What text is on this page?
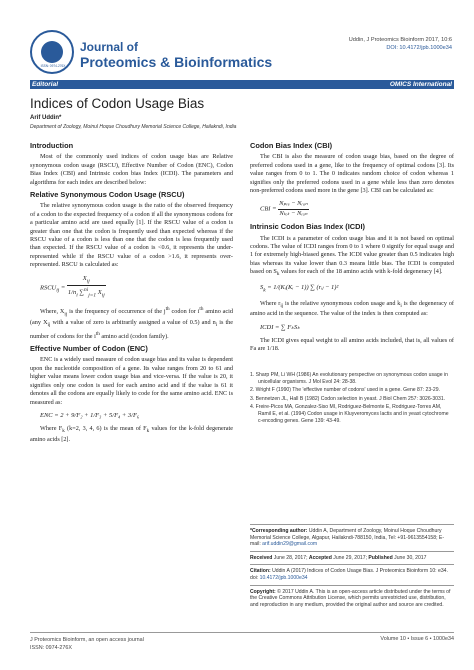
ISSN: 0974-276X
Journal of
Proteomics & Bioinformatics
Uddin, J Proteomics Bioinform 2017, 10:6
DOI: 10.4172/jpb.1000e34
Editorial	OMICS International
Indices of Codon Usage Bias
Arif Uddin*
Department of Zoology, Moinul Hoque Choudhury Memorial Science College, Hailakndi, India
Introduction

Most of the commonly used indices of codon usage bias are Relative synonymous codon usage (RSCU), Effective Number of Codon (ENC), Codon Bias Index (CBI) and Intrinsic codon bias Index (ICDI). The parameters and algorithms for each index are described below:

Relative Synonymous Codon Usage (RSCU)

The relative synonymous codon usage is the ratio of the observed frequency of a codon to the expected frequency of a codon if all the synonymous codons for a particular amino acid are used equally [1]. If the RSCU value of a codon is greater than one that the codon is frequently used than expected whereas if the RSCU value of a codon is less than one that the codon is less frequently used than expected. If the RSCU value of a codon is <0.6, it represents the under-represented while if the RSCU value of a codon >1.6, it represents over-represented. RSCU is calculated as:

$RSCU_{ij} = \frac{X_{ij}}{1/n_i \sum^{ni}_{j=1} X_{ij}}$

Where, $X_{ij}$ is the frequency of occurrence of the $j^{th}$ codon for $i^{th}$ amino acid (any $X_{ij}$ with a value of zero is arbitrarily assigned a value of 0.5) and $n_i$ is the number of codons for the $i^{th}$ amino acid (codon family).

Effective Number of Codon (ENC)

ENC is a widely used measure of codon usage bias and its value is dependent upon the nucleotide composition of a gene. Its value ranges from 20 to 61 and higher value means lower codon usage bias and vice-versa. If the value is 20, it signifies only one codon is used for each amino acid and if the value is 61 it denotes all the codons are equally likely to code for the same amino acid. ENC is measured as:

ENC = 2 + 9/F₂ + 1/F₃ + 5/F₄ + 3/F₆

Where $F_k$ (k=2, 3, 4, 6) is the mean of $F_k$ values for the k-fold degenerate amino acids [2].

Codon Bias Index (CBI)

The CBI is also the measure of codon usage bias, based on the degree of preferred codons used in a gene, like to the frequency of optimal codons [3]. Its value ranges from 0 to 1. The 0 indicates random choice of codon whereas 1 signifies only the preferred codons used in a gene while less than zero denotes non-preferred codons used more in the gene [3]. CBI can be calculated as:

CBI = $\frac{\text{Nₚᵣₑ − Nᵣₐₙ}}{\text{Nₜₒₜ − Nᵣₐₙ}}$
Intrinsic Codon Bias Index (ICDI)

The ICDI is a parameter of codon usage bias and it is not based on optimal codons. The value of ICDI ranges from 0 to 1 where 0 signify for equal usage and 1 for extremely high-biased genes. The ICDI value greater than 0.5 indicates high bias whereas its value lower than 0.3 means little bias. The ICDI is computed based on $S_k$ values for each of the 18 amino acids with k-fold degeneracy [4].

$S_k$ = 1/(Kᵢ(Kᵢ − 1)) ∑ (rᵢⱼ − 1)²

Where $r_{ij}$ is the relative synonymous codon usage and $k_i$ is the degeneracy of amino acid in the sequence. The value of the index is then computed as:

ICDI = ∑ FₖSₖ

The ICDI gives equal weight to all amino acids included, that is, all values of Fa are 1/18.

1. Sharp PM, Li WH (1986) An evolutionary perspective on synonymous codon usage in unicellular organisms. J Mol Evol 24: 28-38.
2. Wright F (1990) The 'effective number of codons' used in a gene. Gene 87: 23-29.
3. Bennetzen JL, Hall B (1982) Codon selection in yeast. J Biol Chem 257: 3026-3031.
4. Freire-Picos MA, Gonzalez-Siso MI, Rodriguez-Belmonte E, Rodriguez-Torres AM, Ramil E, et al. (1994) Codon usage in Kluyveromyces lactis and in yeast cytochrome c-encoding genes. Gene 139: 43-49.
*Corresponding author: Uddin A, Department of Zoology, Moinul Hoque Choudhury Memorial Science College, Algapur, Hailakndi-788150, India, Tel: +91-9613554158; E-mail: arif.uddin29@gmail.com
Received June 28, 2017; Accepted June 29, 2017; Published June 30, 2017
Citation: Uddin A (2017) Indices of Codon Usage Bias. J Proteomics Bioinform 10: e34. doi: 10.4172/jpb.1000e34
Copyright: © 2017 Uddin A. This is an open-access article distributed under the terms of the Creative Commons Attribution License, which permits unrestricted use, distribution, and reproduction in any medium, provided the original author and source are credited.
J Proteomics Bioinform, an open access journal
ISSN: 0974-276X
Volume 10 • Issue 6 • 1000e34
